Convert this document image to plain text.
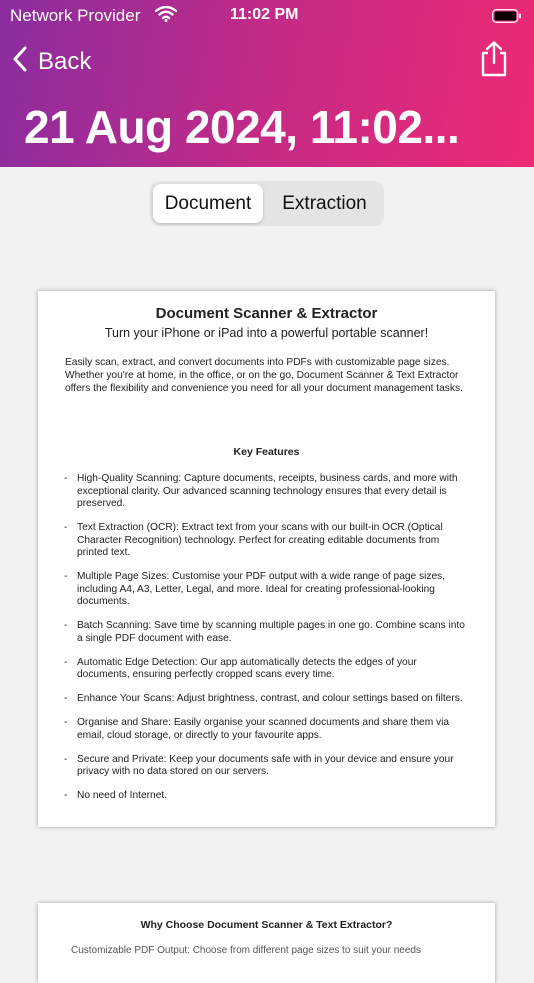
Network Provider	11:02 PM
Back
21 Aug 2024, 11:02...
Document	Extraction
Document Scanner & Extractor
Turn your iPhone or iPad into a powerful portable scanner!
Easily scan, extract, and convert documents into PDFs with customizable page sizes. Whether you're at home, in the office, or on the go, Document Scanner & Text Extractor offers the flexibility and convenience you need for all your document management tasks.
Key Features
- High-Quality Scanning: Capture documents, receipts, business cards, and more with exceptional clarity. Our advanced scanning technology ensures that every detail is preserved.
- Text Extraction (OCR): Extract text from your scans with our built-in OCR (Optical Character Recognition) technology. Perfect for creating editable documents from printed text.
- Multiple Page Sizes: Customise your PDF output with a wide range of page sizes, including A4, A3, Letter, Legal, and more. Ideal for creating professional-looking documents.
- Batch Scanning: Save time by scanning multiple pages in one go. Combine scans into a single PDF document with ease.
- Automatic Edge Detection: Our app automatically detects the edges of your documents, ensuring perfectly cropped scans every time.
- Enhance Your Scans: Adjust brightness, contrast, and colour settings based on filters.
- Organise and Share: Easily organise your scanned documents and share them via email, cloud storage, or directly to your favourite apps.
- Secure and Private: Keep your documents safe with in your device and ensure your privacy with no data stored on our servers.
- No need of Internet.
Why Choose Document Scanner & Text Extractor?
Customizable PDF Output: Choose from different page sizes to suit your needs
